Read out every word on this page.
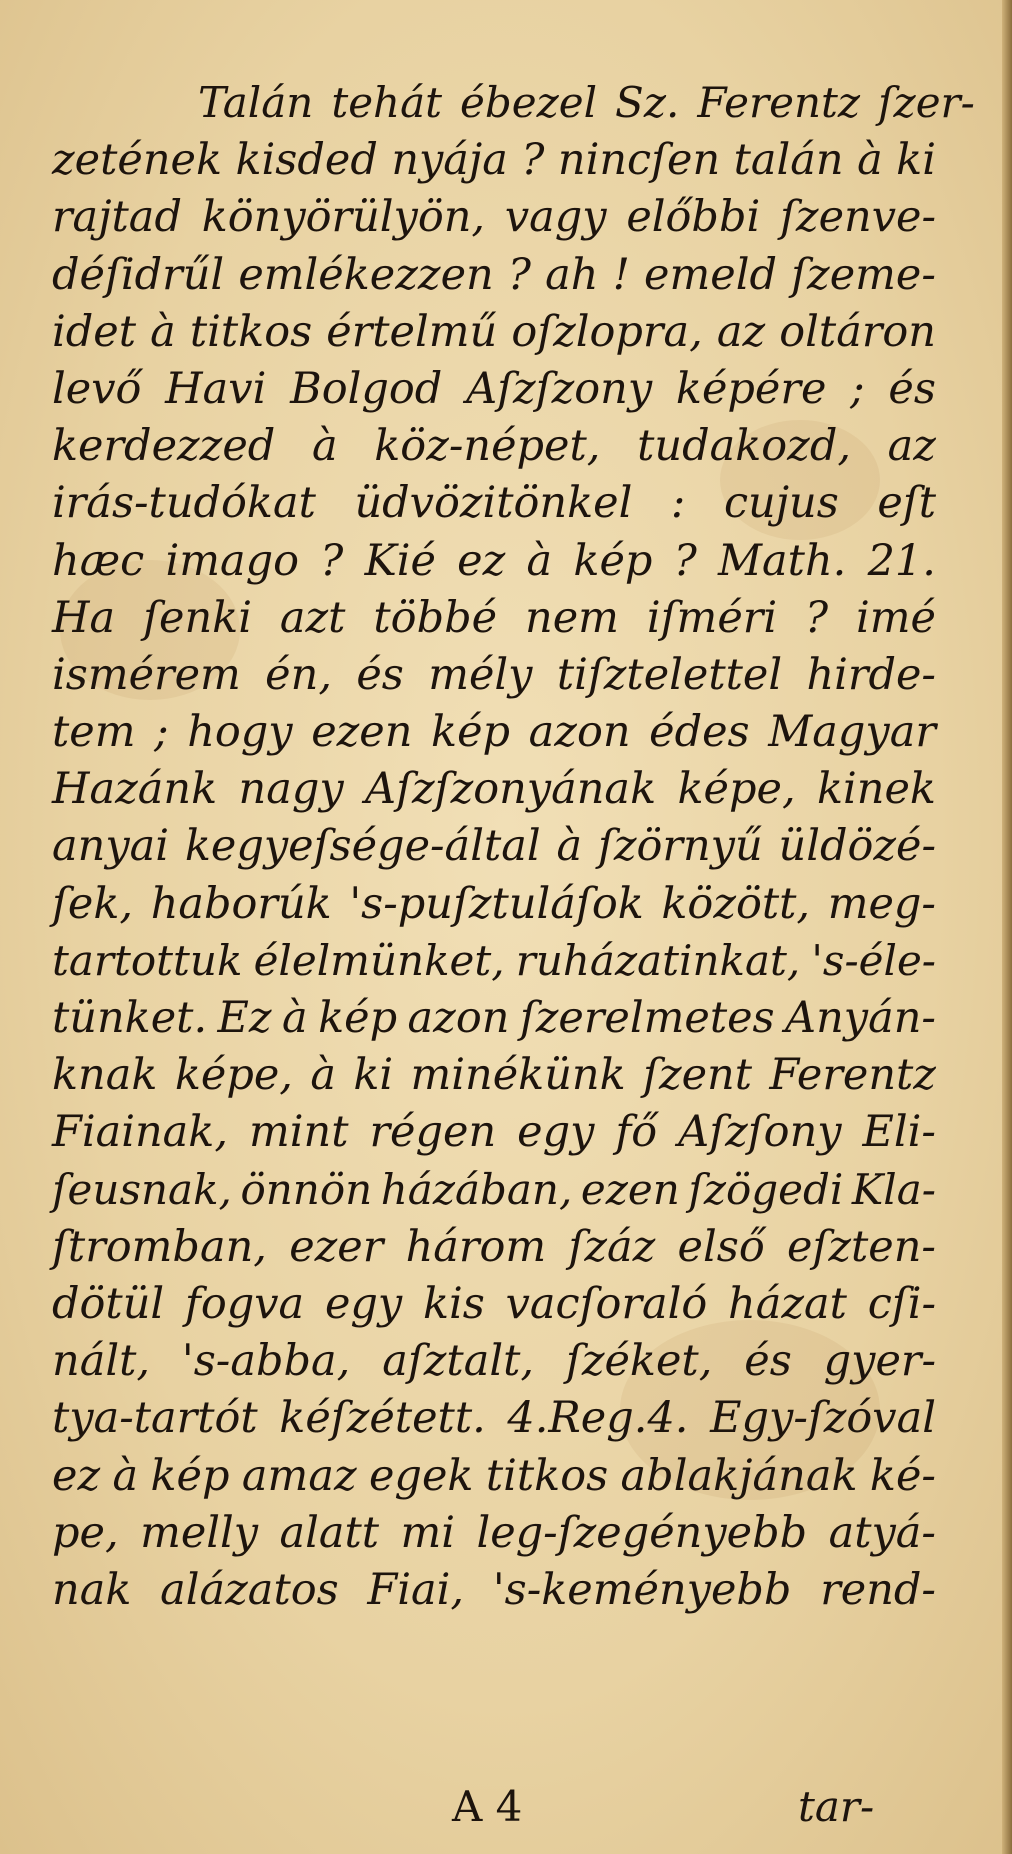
Talán tehát ébezel Sz. Ferentz ſzer-
zetének kisded nyája ? nincſen talán à ki
rajtad könyörülyön, vagy előbbi ſzenve-
déſidrűl emlékezzen ? ah ! emeld ſzeme-
idet à titkos értelmű oſzlopra, az oltáron
levő Havi Bolgod Aſzſzony képére ; és
kerdezzed à köz-népet, tudakozd, az
irás-tudókat üdvözitönkel : cujus eſt
hæc imago ? Kié ez à kép ? Math. 21.
Ha ſenki azt többé nem iſméri ? imé
ismérem én, és mély tiſztelettel hirde-
tem ; hogy ezen kép azon édes Magyar
Hazánk nagy Aſzſzonyának képe, kinek
anyai kegyeſsége-által à ſzörnyű üldözé-
ſek, haborúk 's-puſztuláſok között, meg-
tartottuk élelmünket, ruházatinkat, 's-éle-
tünket. Ez à kép azon ſzerelmetes Anyán-
knak képe, à ki minékünk ſzent Ferentz
Fiainak, mint régen egy fő Aſzſony Eli-
ſeusnak, önnön házában, ezen ſzögedi Kla-
ſtromban, ezer három ſzáz első eſzten-
dötül fogva egy kis vacſoraló házat cſi-
nált, 's-abba, aſztalt, ſzéket, és gyer-
tya-tartót kéſzétett. 4.Reg.4. Egy-ſzóval
ez à kép amaz egek titkos ablakjának ké-
pe, melly alatt mi leg-ſzegényebb atyá-
nak alázatos Fiai, 's-keményebb rend-
A 4	tar-
